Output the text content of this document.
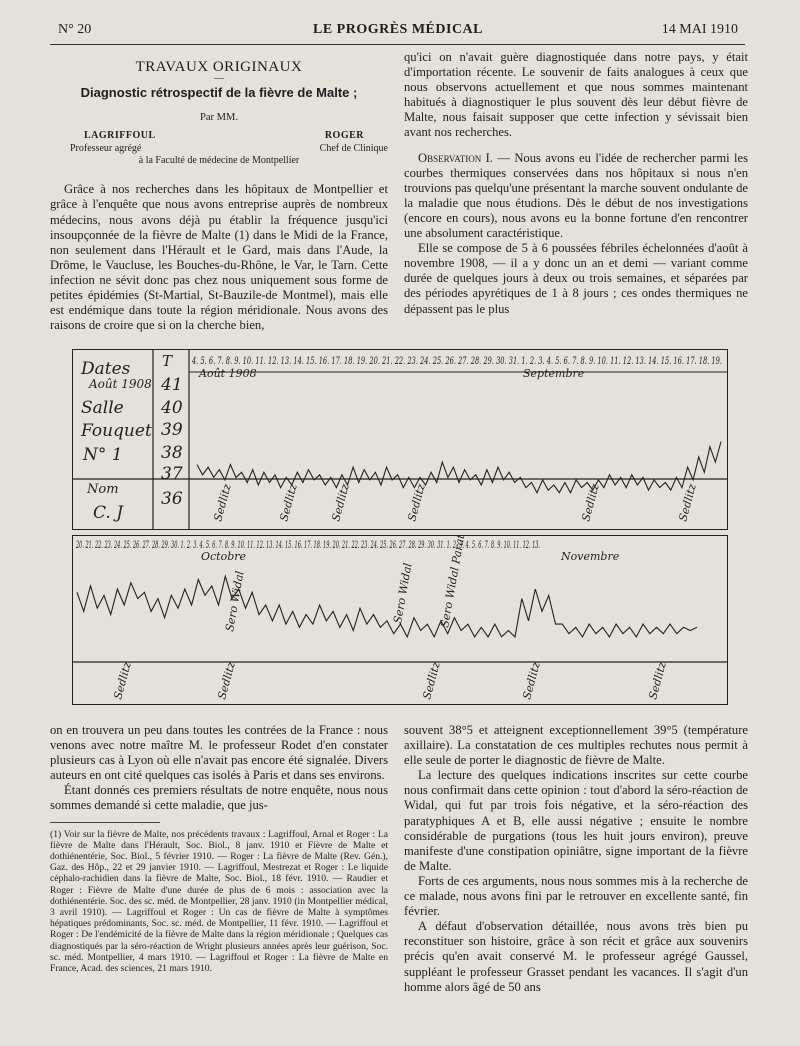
N° 20	LE PROGRÈS MÉDICAL	14 MAI 1910
TRAVAUX ORIGINAUX
—
Diagnostic rétrospectif de la fièvre de Malte ;
Par MM.
LAGRIFFOUL	ROGER
Professeur agrégé	Chef de Clinique
à la Faculté de médecine de Montpellier

Grâce à nos recherches dans les hôpitaux de Montpellier et grâce à l'enquête que nous avons entreprise auprès de nombreux médecins, nous avons déjà pu établir la fréquence jusqu'ici insoupçonnée de la fièvre de Malte (1) dans le Midi de la France, non seulement dans l'Hérault et le Gard, mais dans l'Aude, la Drôme, le Vaucluse, les Bouches-du-Rhône, le Var, le Tarn. Cette infection ne sévit donc pas chez nous uniquement sous forme de petites épidémies (St-Martial, St-Bauzile-de Montmel), mais elle est endémique dans toute la région méridionale. Nous avons des raisons de croire que si on la cherche bien,

qu'ici on n'avait guère diagnostiquée dans notre pays, y était d'importation récente. Le souvenir de faits analogues à ceux que nous observons actuellement et que nous sommes maintenant habitués à diagnostiquer le plus souvent dès leur début fièvre de Malte, nous faisait supposer que cette infection y sévissait bien avant nos recherches.

Observation I. — Nous avons eu l'idée de rechercher parmi les courbes thermiques conservées dans nos hôpitaux si nous n'en trouvions pas quelqu'une présentant la marche souvent ondulante de la maladie que nous étudions. Dès le début de nos investigations (encore en cours), nous avons eu la bonne fortune d'en rencontrer une absolument caractéristique.

Elle se compose de 5 à 6 poussées fébriles échelonnées d'août à novembre 1908, — il a y donc un an et demi — variant comme durée de quelques jours à deux ou trois semaines, et séparées par des périodes apyrétiques de 1 à 8 jours ; ces ondes thermiques ne dépassent pas le plus

Dates
Août 1908
Salle
Fouquet
N° 1
Nom
C. J
T
41
40
39
38
37
36
4. 5. 6. 7. 8. 9. 10. 11. 12. 13. 14. 15. 16. 17. 18. 19. 20. 21. 22. 23. 24. 25. 26. 27. 28. 29. 30. 31. 1. 2. 3. 4. 5. 6. 7. 8. 9. 10. 11. 12. 13. 14. 15. 16. 17. 18. 19.
Août 1908	Septembre
Sedlitz	Sedlitz	Sedlitz	Sedlitz	Sedlitz	Sedlitz
20. 21. 22. 23. 24. 25. 26. 27. 28. 29. 30. 1. 2. 3. 4. 5. 6. 7. 8. 9. 10. 11. 12. 13. 14. 15. 16. 17. 18. 19. 20. 21. 22. 23. 24. 25. 26. 27. 28. 29. 30. 31. 1. 2. 3. 4. 5. 6. 7. 8. 9. 10. 11. 12. 13.
Octobre	Novembre
Sero Widal	Sero Widal Sero Widal Paratyphique A B
Sedlitz	Sedlitz	Sedlitz	Sedlitz	Sedlitz

on en trouvera un peu dans toutes les contrées de la France : nous venons avec notre maître M. le professeur Rodet d'en constater plusieurs cas à Lyon où elle n'avait pas encore été signalée. Divers auteurs en ont cité quelques cas isolés à Paris et dans ses environs.

Étant donnés ces premiers résultats de notre enquête, nous nous sommes demandé si cette maladie, que jus-

(1) Voir sur la fièvre de Malte, nos précédents travaux : Lagriffoul, Arnal et Roger : La fièvre de Malte dans l'Hérault, Soc. Biol., 8 janv. 1910 et Fièvre de Malte et dothiénentérie, Soc. Biol., 5 février 1910. — Roger : La fièvre de Malte (Rev. Gén.), Gaz. des Hôp., 22 et 29 janvier 1910. — Lagriffoul, Mestrezat et Roger : Le liquide céphalo-rachidien dans la fièvre de Malte, Soc. Biol., 18 févr. 1910. — Raudier et Roger : Fièvre de Malte d'une durée de plus de 6 mois : association avec la dothiénentérie. Soc. des sc. méd. de Montpellier, 28 janv. 1910 (in Montpellier médical, 3 avril 1910). — Lagriffoul et Roger : Un cas de fièvre de Malte à symptômes hépatiques prédominants, Soc. sc. méd. de Montpellier, 11 févr. 1910. — Lagriffoul et Roger : De l'endémicité de la fièvre de Malte dans la région méridionale ; Quelques cas diagnostiqués par la séro-réaction de Wright plusieurs années après leur guérison, Soc. sc. méd. Montpellier, 4 mars 1910. — Lagriffoul et Roger : La fièvre de Malte en France, Acad. des sciences, 21 mars 1910.

souvent 38°5 et atteignent exceptionnellement 39°5 (température axillaire). La constatation de ces multiples rechutes nous permit à elle seule de porter le diagnostic de fièvre de Malte.

La lecture des quelques indications inscrites sur cette courbe nous confirmait dans cette opinion : tout d'abord la séro-réaction de Widal, qui fut par trois fois négative, et la séro-réaction des paratyphiques A et B, elle aussi négative ; ensuite le nombre considérable de purgations (tous les huit jours environ), preuve manifeste d'une constipation opiniâtre, signe important de la fièvre de Malte.

Forts de ces arguments, nous nous sommes mis à la recherche de ce malade, nous avons fini par le retrouver en excellente santé, fin février.

A défaut d'observation détaillée, nous avons très bien pu reconstituer son histoire, grâce à son récit et grâce aux souvenirs précis qu'en avait conservé M. le professeur agrégé Gaussel, suppléant le professeur Grasset pendant les vacances. Il s'agit d'un homme alors âgé de 50 ans
